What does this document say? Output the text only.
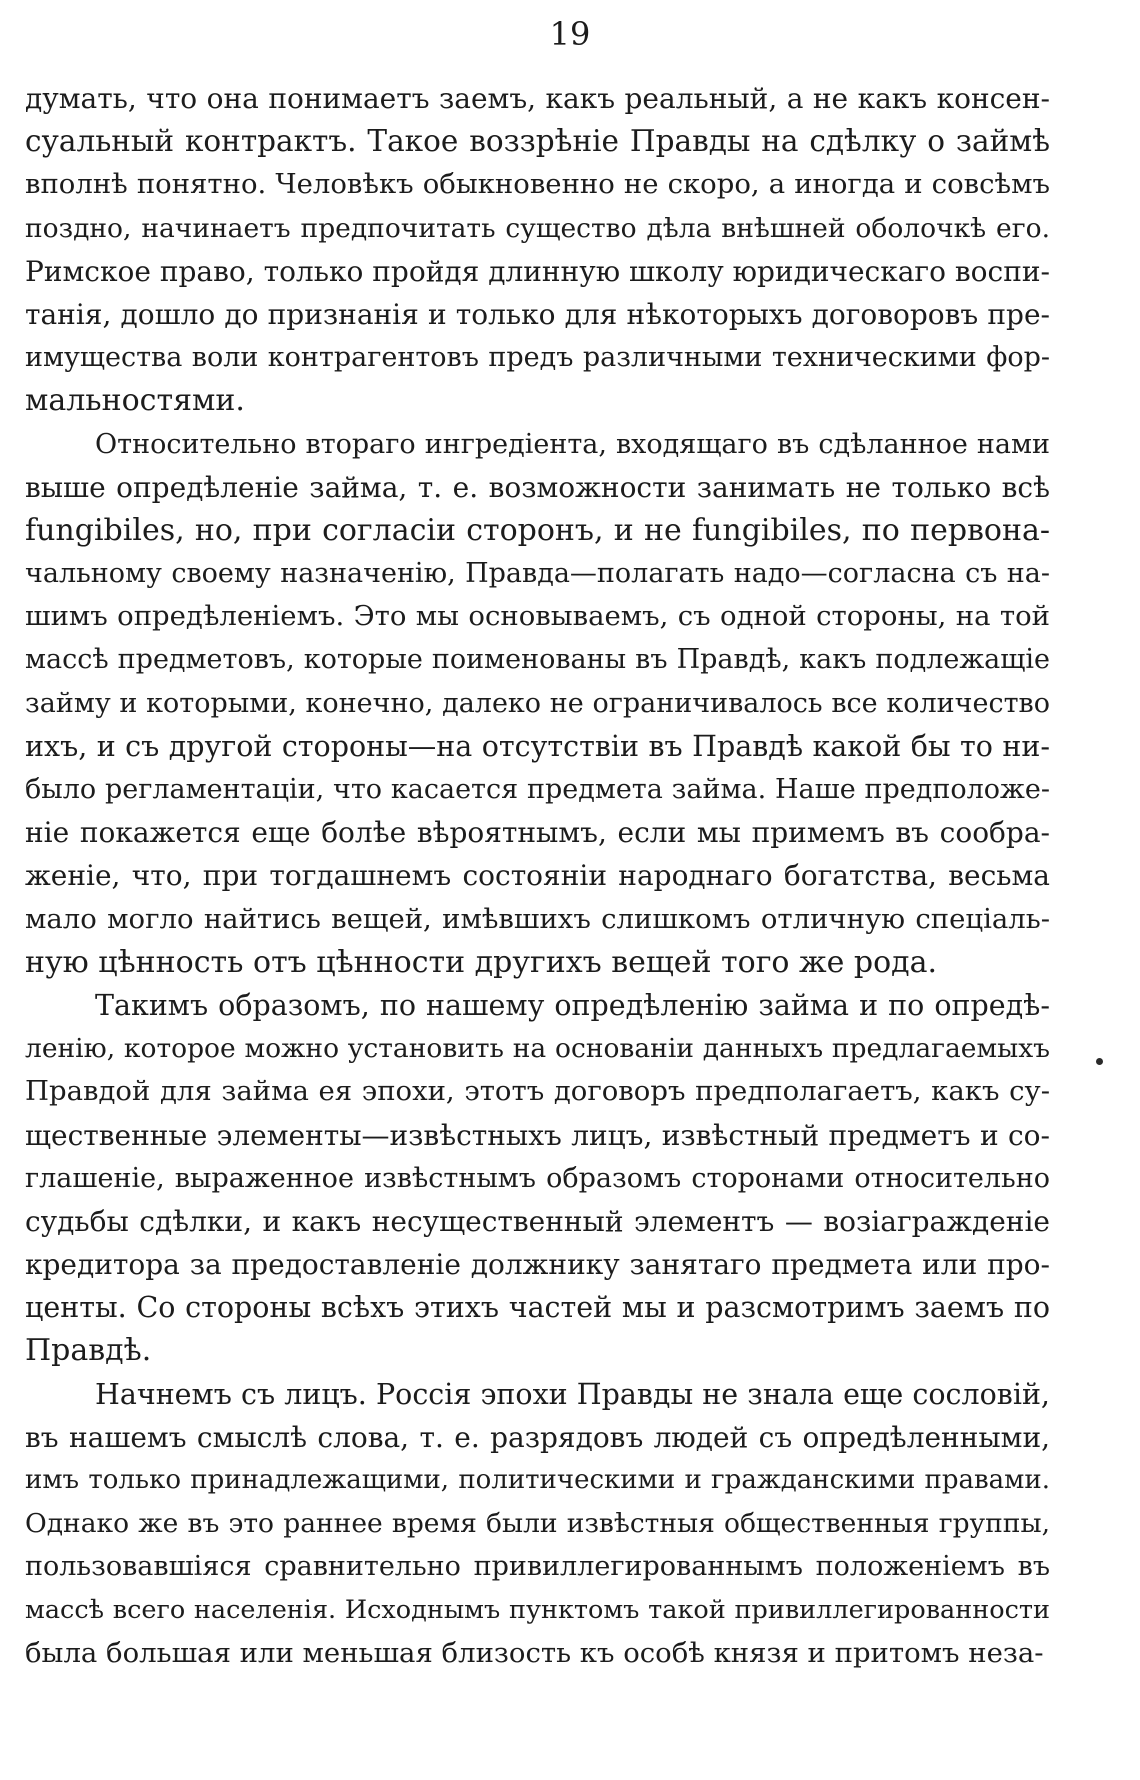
19
думать, что она понимаетъ заемъ, какъ реальный, а не какъ консен-
суальный контрактъ. Такое воззрѣніе Правды на сдѣлку о займѣ
вполнѣ понятно. Человѣкъ обыкновенно не скоро, а иногда и совсѣмъ
поздно, начинаетъ предпочитать существо дѣла внѣшней оболочкѣ его.
Римское право, только пройдя длинную школу юридическаго воспи-
танія, дошло до признанія и только для нѣкоторыхъ договоровъ пре-
имущества воли контрагентовъ предъ различными техническими фор-
мальностями.
Относительно втораго ингредіента, входящаго въ сдѣланное нами
выше опредѣленіе займа, т. е. возможности занимать не только всѣ
fungibiles, но, при согласіи сторонъ, и не fungibiles, по первона-
чальному своему назначенію, Правда—полагать надо—согласна съ на-
шимъ опредѣленіемъ. Это мы основываемъ, съ одной стороны, на той
массѣ предметовъ, которые поименованы въ Правдѣ, какъ подлежащіе
займу и которыми, конечно, далеко не ограничивалось все количество
ихъ, и съ другой стороны—на отсутствіи въ Правдѣ какой бы то ни-
было регламентаціи, что касается предмета займа. Наше предположе-
ніе покажется еще болѣе вѣроятнымъ, если мы примемъ въ сообра-
женіе, что, при тогдашнемъ состояніи народнаго богатства, весьма
мало могло найтись вещей, имѣвшихъ слишкомъ отличную спеціаль-
ную цѣнность отъ цѣнности другихъ вещей того же рода.
Такимъ образомъ, по нашему опредѣленію займа и по опредѣ-
ленію, которое можно установить на основаніи данныхъ предлагаемыхъ
Правдой для займа ея эпохи, этотъ договоръ предполагаетъ, какъ су-
щественные элементы—извѣстныхъ лицъ, извѣстный предметъ и со-
глашеніе, выраженное извѣстнымъ образомъ сторонами относительно
судьбы сдѣлки, и какъ несущественный элементъ — возіагражденіе
кредитора за предоставленіе должнику занятаго предмета или про-
центы. Со стороны всѣхъ этихъ частей мы и разсмотримъ заемъ по
Правдѣ.
Начнемъ съ лицъ. Россія эпохи Правды не знала еще сословій,
въ нашемъ смыслѣ слова, т. е. разрядовъ людей съ опредѣленными,
имъ только принадлежащими, политическими и гражданскими правами.
Однако же въ это раннее время были извѣстныя общественныя группы,
пользовавшіяся сравнительно привиллегированнымъ положеніемъ въ
массѣ всего населенія. Исходнымъ пунктомъ такой привиллегированности
была большая или меньшая близость къ особѣ князя и притомъ неза-
